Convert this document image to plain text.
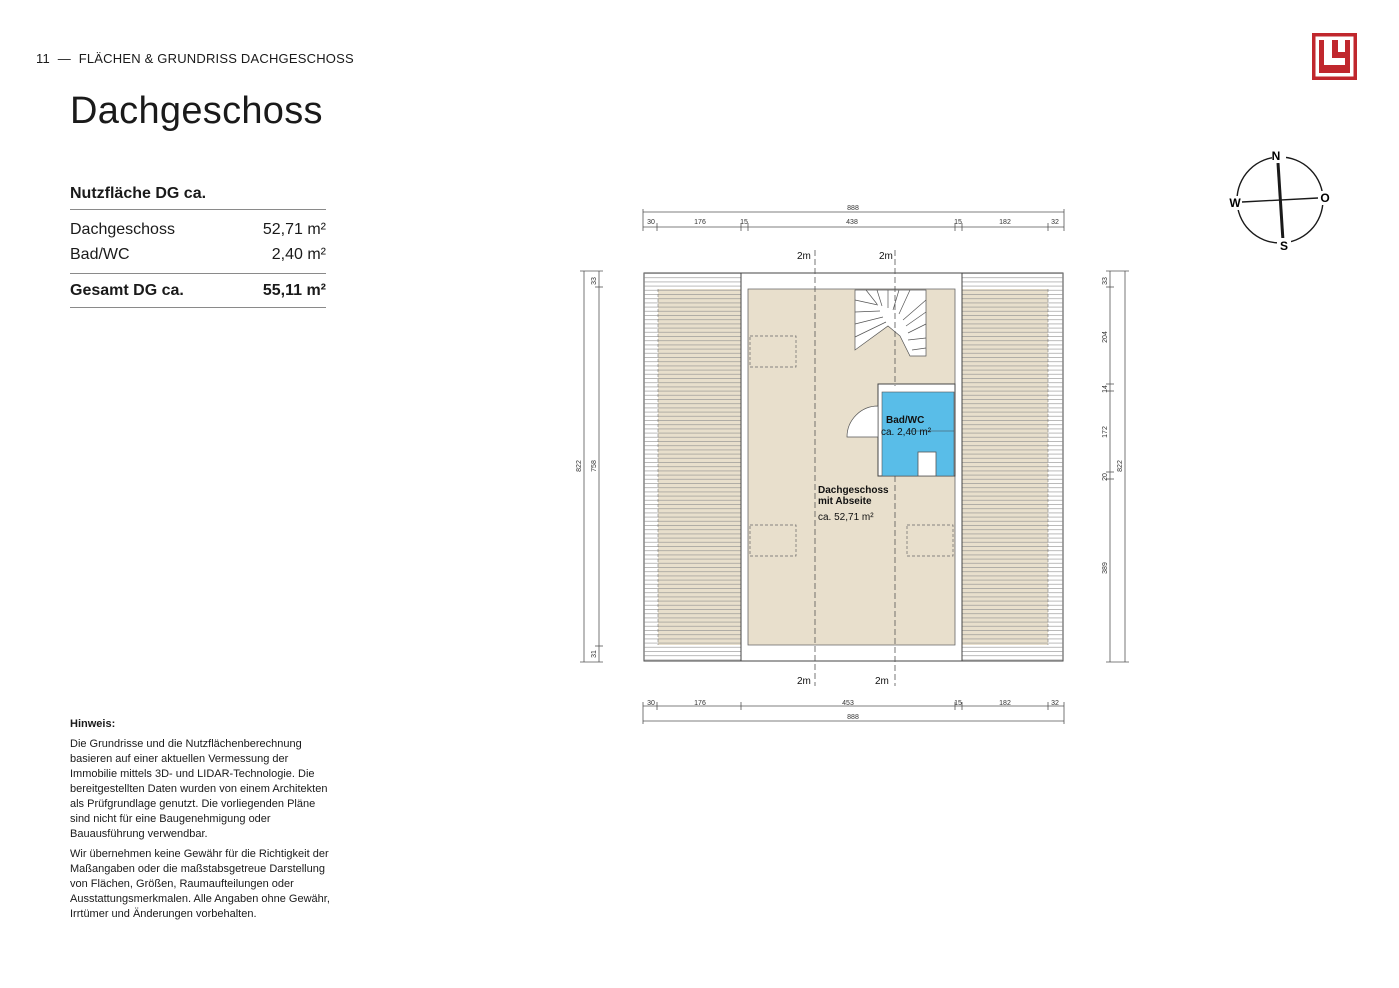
11 — FLÄCHEN & GRUNDRISS DACHGESCHOSS
Dachgeschoss
Nutzfläche DG ca.
Dachgeschoss	52,71 m²
Bad/WC	2,40 m²
Gesamt DG ca.	55,11 m²
N
S
W	O
888
30	176	15	438	15	182	32
30	176	453	15	182	32
888
822 758
33
31
33
204
14
172
20
389
822
Bad/WC
ca. 2,40 m²
Dachgeschoss
mit Abseite
ca. 52,71 m²
2m	2m
2m	2m
Hinweis:

Die Grundrisse und die Nutzflächenberechnung basieren auf einer aktuellen Vermessung der Immobilie mittels 3D- und LIDAR-Technologie. Die bereitgestellten Daten wurden von einem Architekten als Prüfgrundlage genutzt. Die vorliegenden Pläne sind nicht für eine Baugenehmigung oder Bauausführung verwendbar.

Wir übernehmen keine Gewähr für die Richtigkeit der Maßangaben oder die maßstabsgetreue Darstellung von Flächen, Größen, Raumaufteilungen oder Ausstattungsmerkmalen. Alle Angaben ohne Gewähr, Irrtümer und Änderungen vorbehalten.
